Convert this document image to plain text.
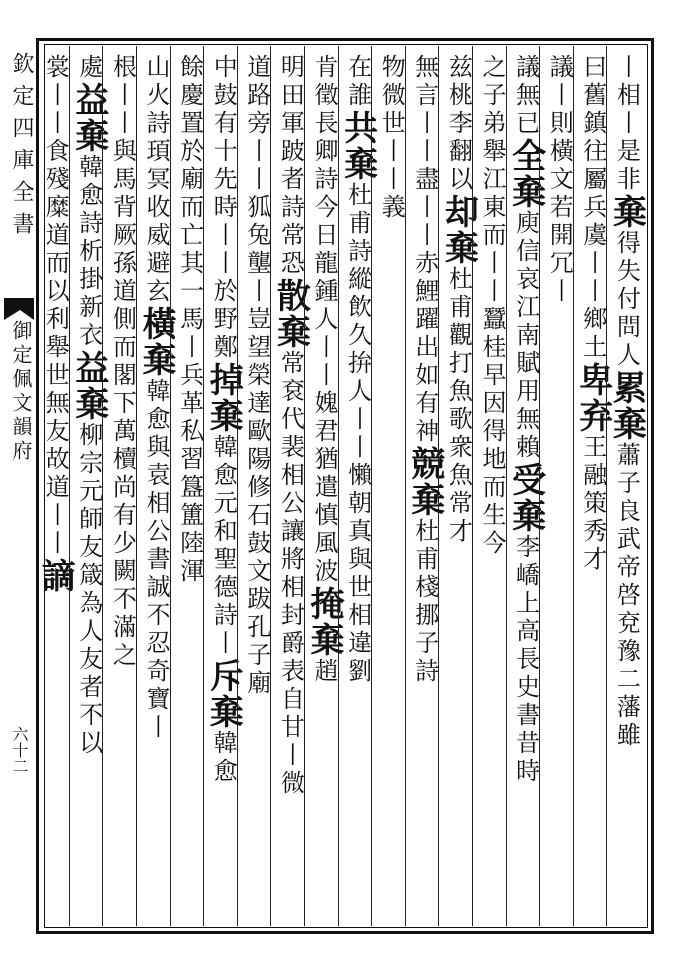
欽定四庫全書
御定佩文韻府
六十二
丨相丨是非棄得失付問人累棄蕭子良武帝啓兗豫二藩雖
曰舊鎮往屬兵虞丨丨鄉土卑弃王融策秀才
議丨則橫文若開冗丨
議無已全棄庾信哀江南賦用無賴受棄李嶠上高長史書昔時
之子弟舉江東而丨丨蠶桂早因得地而生今
兹桃李翻以却棄杜甫觀打魚歌衆魚常才
無言丨丨盡丨丨赤鯉躍出如有神競棄杜甫棧挪子詩
物微世丨丨義
在誰共棄杜甫詩縱飲久拚人丨丨懶朝真與世相違劉
肯徵長卿詩今日龍鍾人丨丨媿君猶遣慎風波掩棄趙
明田軍跛者詩常恐散棄常袞代裴相公讓將相封爵表自甘丨微
道路旁丨丨狐兔壟丨豈望榮達歐陽修石鼓文跋孔子廟
中鼓有十先時丨丨於野鄭掉棄韓愈元和聖德詩丨斥棄韓愈
餘慶置於廟而亡其一馬丨兵革私習簋簠陸渾
山火詩頊冥收威避玄橫棄韓愈與袁相公書誠不忍奇寶丨
根丨丨與馬背厥孫道側而閣下萬櫝尚有少闕不滿之
處益棄韓愈詩析掛新衣益棄柳宗元師友箴為人友者不以
裳丨丨食殘糜道而以利舉世無友故道丨丨謫
